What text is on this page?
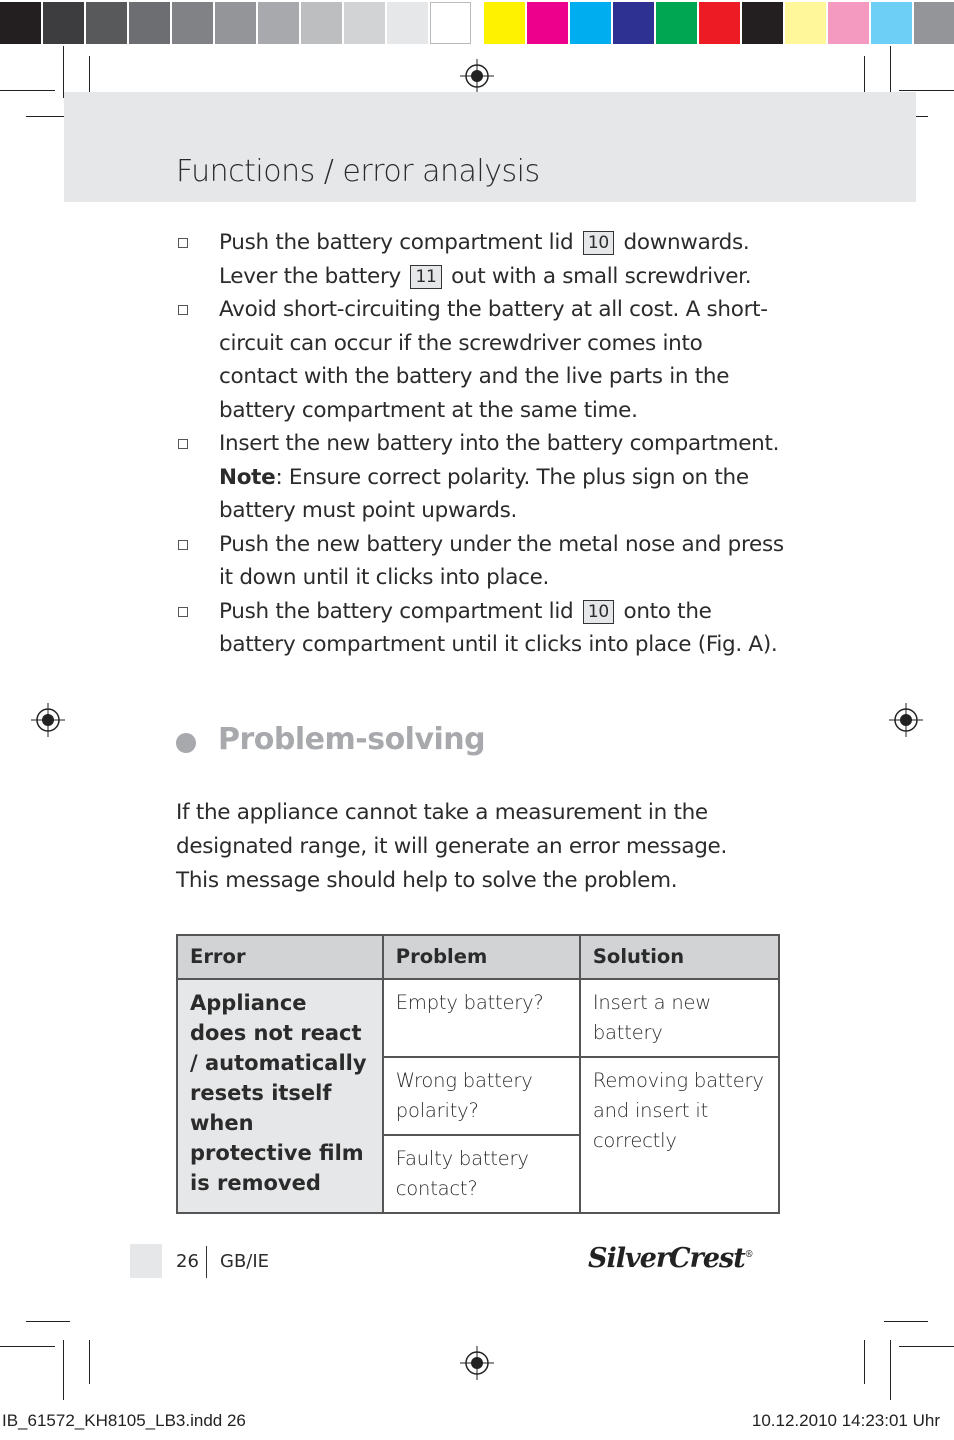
Functions / error analysis
Push the battery compartment lid 10 downwards. Lever the battery 11 out with a small screwdriver.
Avoid short-circuiting the battery at all cost. A short-circuit can occur if the screwdriver comes into contact with the battery and the live parts in the battery compartment at the same time.
Insert the new battery into the battery compartment.
Note: Ensure correct polarity. The plus sign on the battery must point upwards.
Push the new battery under the metal nose and press it down until it clicks into place.
Push the battery compartment lid 10 onto the battery compartment until it clicks into place (Fig. A).
Problem-solving

If the appliance cannot take a measurement in the

designated range, it will generate an error message.

This message should help to solve the problem.

Error	Problem	Solution
Appliance does not react / automatically resets itself when protective film is removed	Empty battery?	Insert a new battery
	Wrong battery polarity?	Removing battery and insert it correctly
	Faulty battery contact?	
26 GB/IE	SilverCrest®
IB_61572_KH8105_LB3.indd 26	10.12.2010 14:23:01 Uhr
